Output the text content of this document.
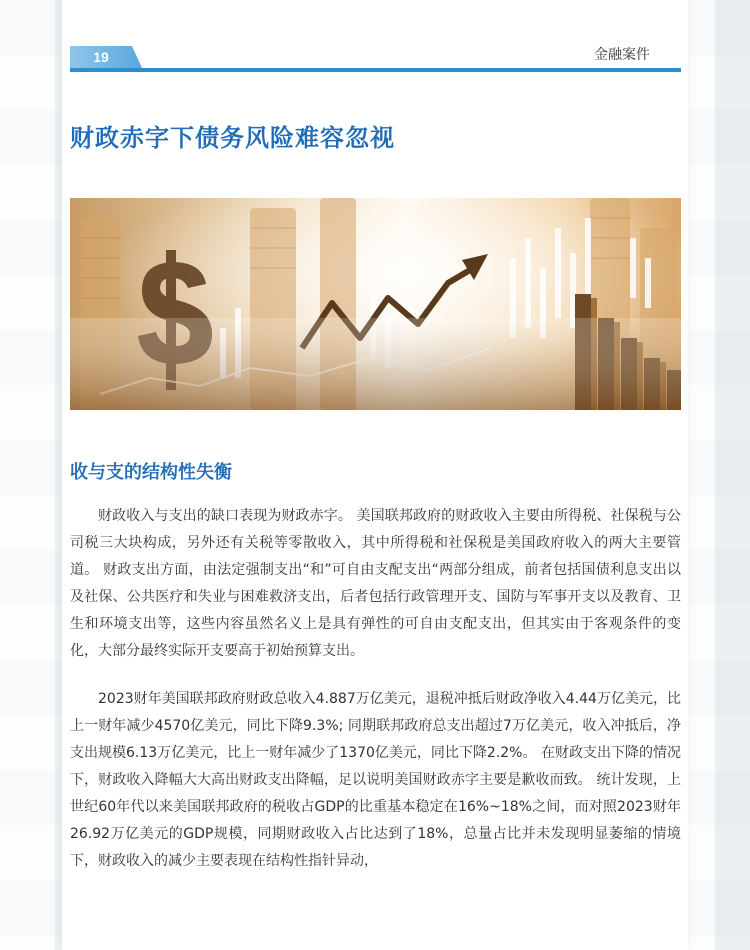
19	金融案件
财政赤字下债务风险难容忽视
收与支的结构性失衡

财政收入与支出的缺口表现为财政赤字。 美国联邦政府的财政收入主要由所得税、社保税与公司税三大块构成，另外还有关税等零散收入，其中所得税和社保税是美国政府收入的两大主要管道。 财政支出方面，由法定强制支出“和”可自由支配支出“两部分组成，前者包括国债利息支出以及社保、公共医疗和失业与困难救济支出，后者包括行政管理开支、国防与军事开支以及教育、卫生和环境支出等，这些内容虽然名义上是具有弹性的可自由支配支出，但其实由于客观条件的变化，大部分最终实际开支要高于初始预算支出。

2023财年美国联邦政府财政总收入4.887万亿美元，退税冲抵后财政净收入4.44万亿美元，比上一财年减少4570亿美元，同比下降9.3%; 同期联邦政府总支出超过7万亿美元，收入冲抵后，净支出规模6.13万亿美元，比上一财年减少了1370亿美元，同比下降2.2%。 在财政支出下降的情况下，财政收入降幅大大高出财政支出降幅，足以说明美国财政赤字主要是歉收而致。 统计发现，上世纪60年代以来美国联邦政府的税收占GDP的比重基本稳定在16%~18%之间，而对照2023财年26.92万亿美元的GDP规模，同期财政收入占比达到了18%，总量占比并未发现明显萎缩的情境下，财政收入的减少主要表现在结构性指针异动，
